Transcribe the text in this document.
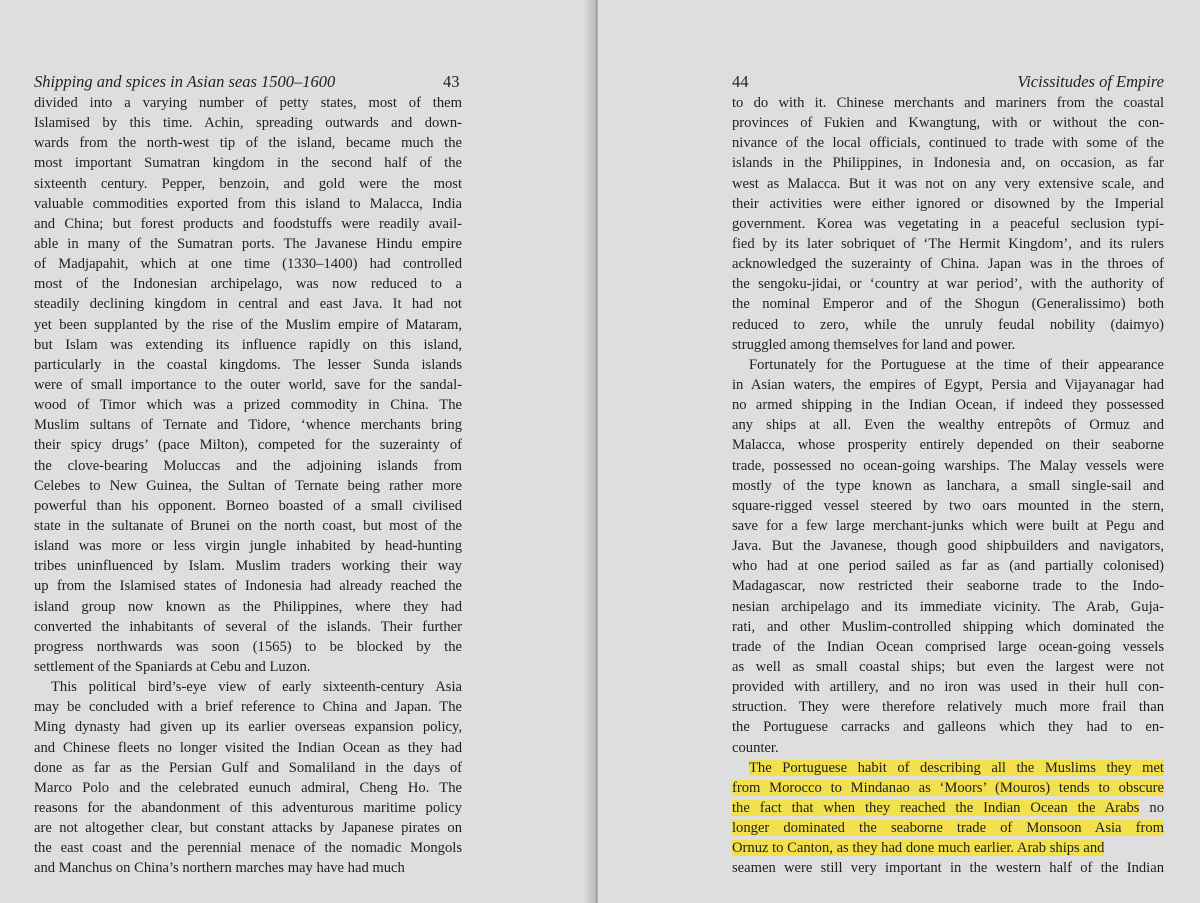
Shipping and spices in Asian seas 1500–1600	43
divided into a varying number of petty states, most of them
Islamised by this time. Achin, spreading outwards and down-
wards from the north-west tip of the island, became much the
most important Sumatran kingdom in the second half of the
sixteenth century. Pepper, benzoin, and gold were the most
valuable commodities exported from this island to Malacca, India
and China; but forest products and foodstuffs were readily avail-
able in many of the Sumatran ports. The Javanese Hindu empire
of Madjapahit, which at one time (1330–1400) had controlled
most of the Indonesian archipelago, was now reduced to a
steadily declining kingdom in central and east Java. It had not
yet been supplanted by the rise of the Muslim empire of Mataram,
but Islam was extending its influence rapidly on this island,
particularly in the coastal kingdoms. The lesser Sunda islands
were of small importance to the outer world, save for the sandal-
wood of Timor which was a prized commodity in China. The
Muslim sultans of Ternate and Tidore, ‘whence merchants bring
their spicy drugs’ (pace Milton), competed for the suzerainty of
the clove-bearing Moluccas and the adjoining islands from
Celebes to New Guinea, the Sultan of Ternate being rather more
powerful than his opponent. Borneo boasted of a small civilised
state in the sultanate of Brunei on the north coast, but most of the
island was more or less virgin jungle inhabited by head-hunting
tribes uninfluenced by Islam. Muslim traders working their way
up from the Islamised states of Indonesia had already reached the
island group now known as the Philippines, where they had
converted the inhabitants of several of the islands. Their further
progress northwards was soon (1565) to be blocked by the
settlement of the Spaniards at Cebu and Luzon.
This political bird’s-eye view of early sixteenth-century Asia
may be concluded with a brief reference to China and Japan. The
Ming dynasty had given up its earlier overseas expansion policy,
and Chinese fleets no longer visited the Indian Ocean as they had
done as far as the Persian Gulf and Somaliland in the days of
Marco Polo and the celebrated eunuch admiral, Cheng Ho. The
reasons for the abandonment of this adventurous maritime policy
are not altogether clear, but constant attacks by Japanese pirates on
the east coast and the perennial menace of the nomadic Mongols
and Manchus on China’s northern marches may have had much
44	Vicissitudes of Empire
to do with it. Chinese merchants and mariners from the coastal
provinces of Fukien and Kwangtung, with or without the con-
nivance of the local officials, continued to trade with some of the
islands in the Philippines, in Indonesia and, on occasion, as far
west as Malacca. But it was not on any very extensive scale, and
their activities were either ignored or disowned by the Imperial
government. Korea was vegetating in a peaceful seclusion typi-
fied by its later sobriquet of ‘The Hermit Kingdom’, and its rulers
acknowledged the suzerainty of China. Japan was in the throes of
the sengoku-jidai, or ‘country at war period’, with the authority of
the nominal Emperor and of the Shogun (Generalissimo) both
reduced to zero, while the unruly feudal nobility (daimyo)
struggled among themselves for land and power.
Fortunately for the Portuguese at the time of their appearance
in Asian waters, the empires of Egypt, Persia and Vijayanagar had
no armed shipping in the Indian Ocean, if indeed they possessed
any ships at all. Even the wealthy entrepôts of Ormuz and
Malacca, whose prosperity entirely depended on their seaborne
trade, possessed no ocean-going warships. The Malay vessels were
mostly of the type known as lanchara, a small single-sail and
square-rigged vessel steered by two oars mounted in the stern,
save for a few large merchant-junks which were built at Pegu and
Java. But the Javanese, though good shipbuilders and navigators,
who had at one period sailed as far as (and partially colonised)
Madagascar, now restricted their seaborne trade to the Indo-
nesian archipelago and its immediate vicinity. The Arab, Guja-
rati, and other Muslim-controlled shipping which dominated the
trade of the Indian Ocean comprised large ocean-going vessels
as well as small coastal ships; but even the largest were not
provided with artillery, and no iron was used in their hull con-
struction. They were therefore relatively much more frail than
the Portuguese carracks and galleons which they had to en-
counter.
The Portuguese habit of describing all the Muslims they met
from Morocco to Mindanao as ‘Moors’ (Mouros) tends to obscure
the fact that when they reached the Indian Ocean the Arabs no
longer dominated the seaborne trade of Monsoon Asia from
Ornuz to Canton, as they had done much earlier. Arab ships and
seamen were still very important in the western half of the Indian
